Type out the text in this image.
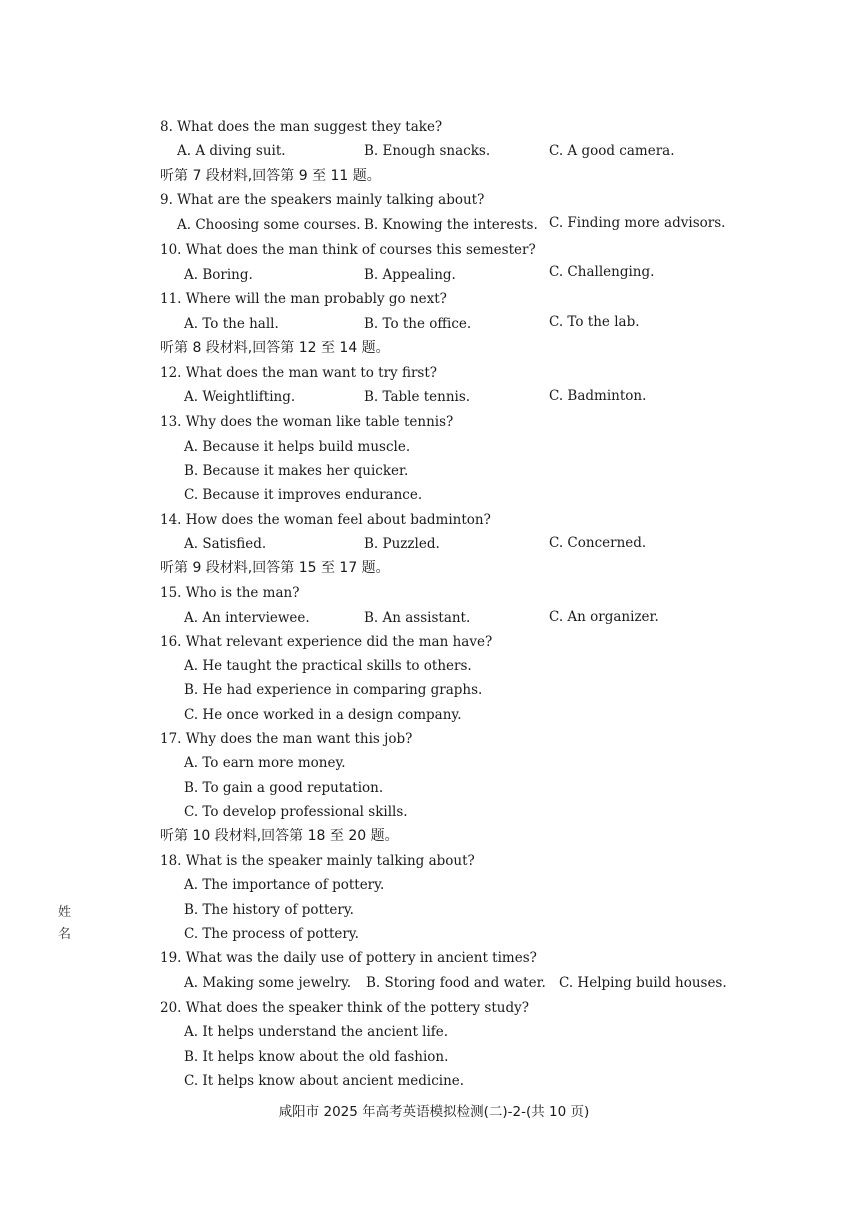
8. What does the man suggest they take?
A. A diving suit.	B. Enough snacks.	C. A good camera.
听第 7 段材料,回答第 9 至 11 题。
9. What are the speakers mainly talking about?
A. Choosing some courses. B. Knowing the interests. C. Finding more advisors.
10. What does the man think of courses this semester?
A. Boring.	B. Appealing.	C. Challenging.
11. Where will the man probably go next?
A. To the hall.	B. To the office.	C. To the lab.
听第 8 段材料,回答第 12 至 14 题。
12. What does the man want to try first?
A. Weightlifting.	B. Table tennis.	C. Badminton.
13. Why does the woman like table tennis?
A. Because it helps build muscle.
B. Because it makes her quicker.
C. Because it improves endurance.
14. How does the woman feel about badminton?
A. Satisfied.	B. Puzzled.	C. Concerned.
听第 9 段材料,回答第 15 至 17 题。
15. Who is the man?
A. An interviewee.	B. An assistant.	C. An organizer.
16. What relevant experience did the man have?
A. He taught the practical skills to others.
B. He had experience in comparing graphs.
C. He once worked in a design company.
17. Why does the man want this job?
A. To earn more money.
B. To gain a good reputation.
C. To develop professional skills.
听第 10 段材料,回答第 18 至 20 题。
18. What is the speaker mainly talking about?
A. The importance of pottery.
B. The history of pottery.
C. The process of pottery.
19. What was the daily use of pottery in ancient times?
A. Making some jewelry. B. Storing food and water. C. Helping build houses.
20. What does the speaker think of the pottery study?
A. It helps understand the ancient life.
B. It helps know about the old fashion.
C. It helps know about ancient medicine.
姓名
咸阳市 2025 年高考英语模拟检测(二)-2-(共 10 页)
